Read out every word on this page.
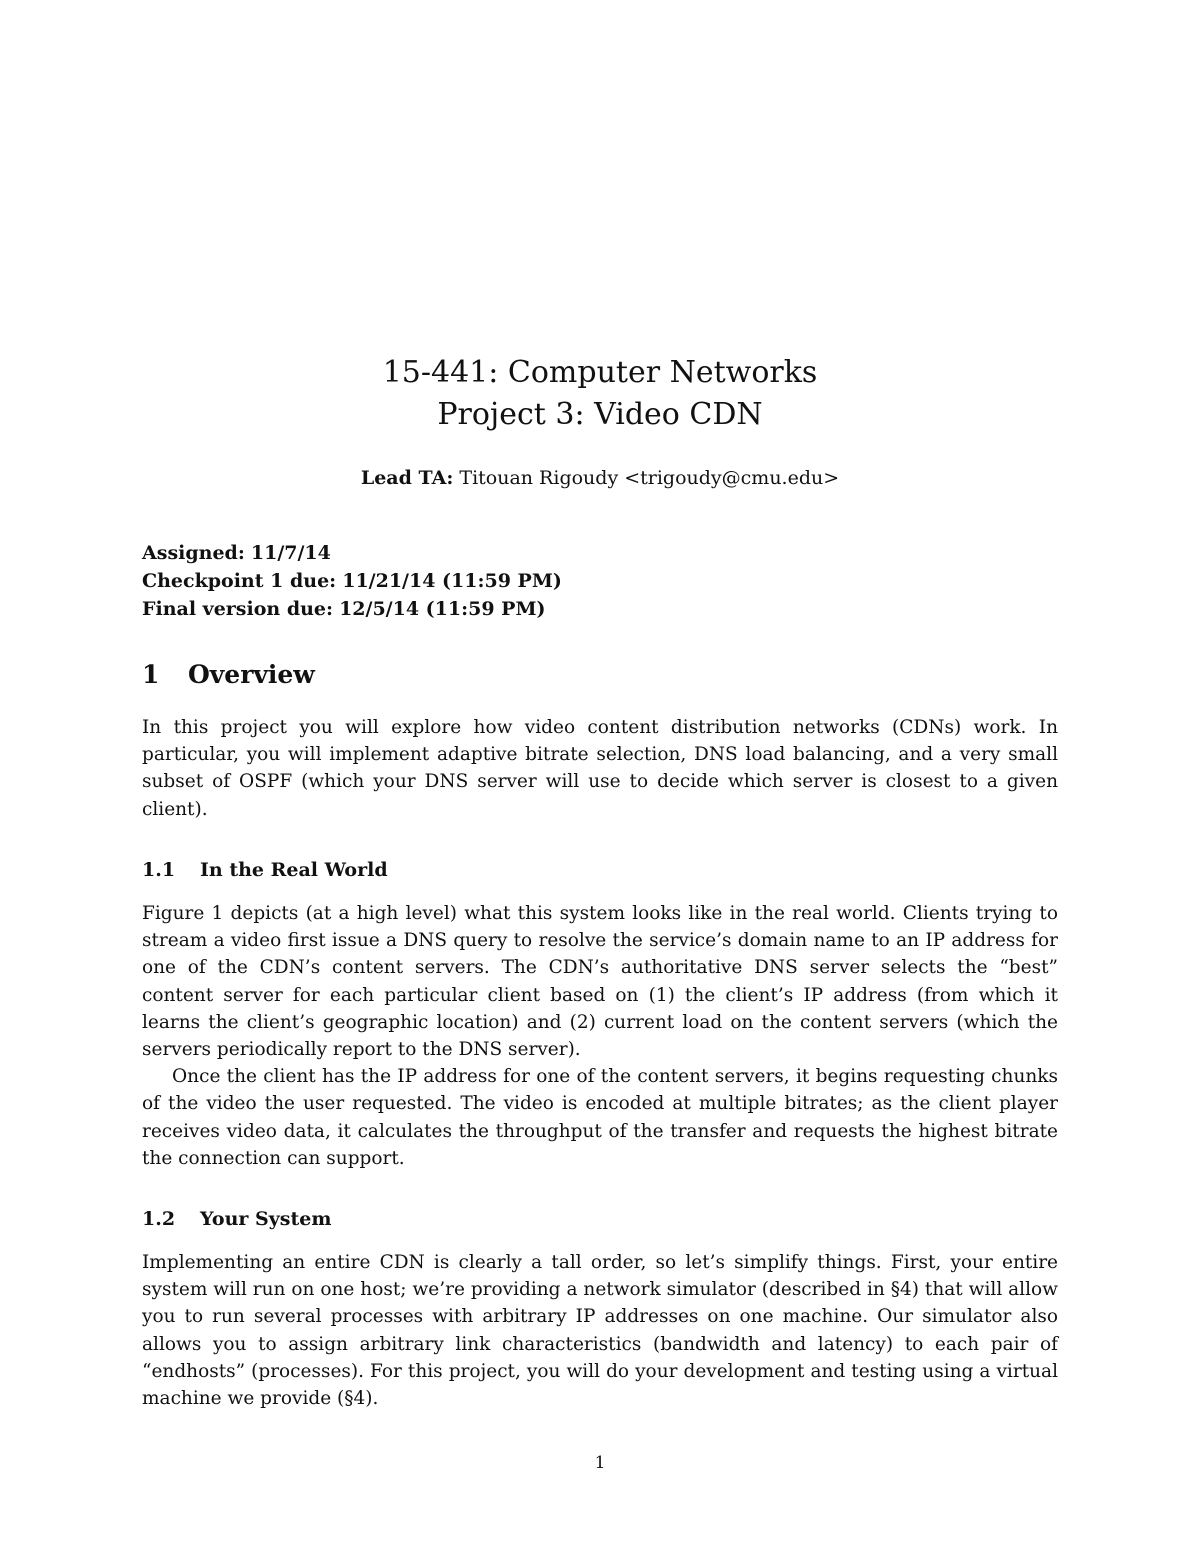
15-441: Computer Networks
Project 3: Video CDN
Lead TA: Titouan Rigoudy <trigoudy@cmu.edu>
Assigned: 11/7/14
Checkpoint 1 due: 11/21/14 (11:59 PM)
Final version due: 12/5/14 (11:59 PM)
1 Overview

In this project you will explore how video content distribution networks (CDNs) work. In particular, you will implement adaptive bitrate selection, DNS load balancing, and a very small subset of OSPF (which your DNS server will use to decide which server is closest to a given client).

1.1 In the Real World

Figure 1 depicts (at a high level) what this system looks like in the real world. Clients trying to stream a video first issue a DNS query to resolve the service’s domain name to an IP address for one of the CDN’s content servers. The CDN’s authoritative DNS server selects the “best” content server for each particular client based on (1) the client’s IP address (from which it learns the client’s geographic location) and (2) current load on the content servers (which the servers periodically report to the DNS server).

Once the client has the IP address for one of the content servers, it begins requesting chunks of the video the user requested. The video is encoded at multiple bitrates; as the client player receives video data, it calculates the throughput of the transfer and requests the highest bitrate the connection can support.

1.2 Your System

Implementing an entire CDN is clearly a tall order, so let’s simplify things. First, your entire system will run on one host; we’re providing a network simulator (described in §4) that will allow you to run several processes with arbitrary IP addresses on one machine. Our simulator also allows you to assign arbitrary link characteristics (bandwidth and latency) to each pair of “endhosts” (processes). For this project, you will do your development and testing using a virtual machine we provide (§4).

1
